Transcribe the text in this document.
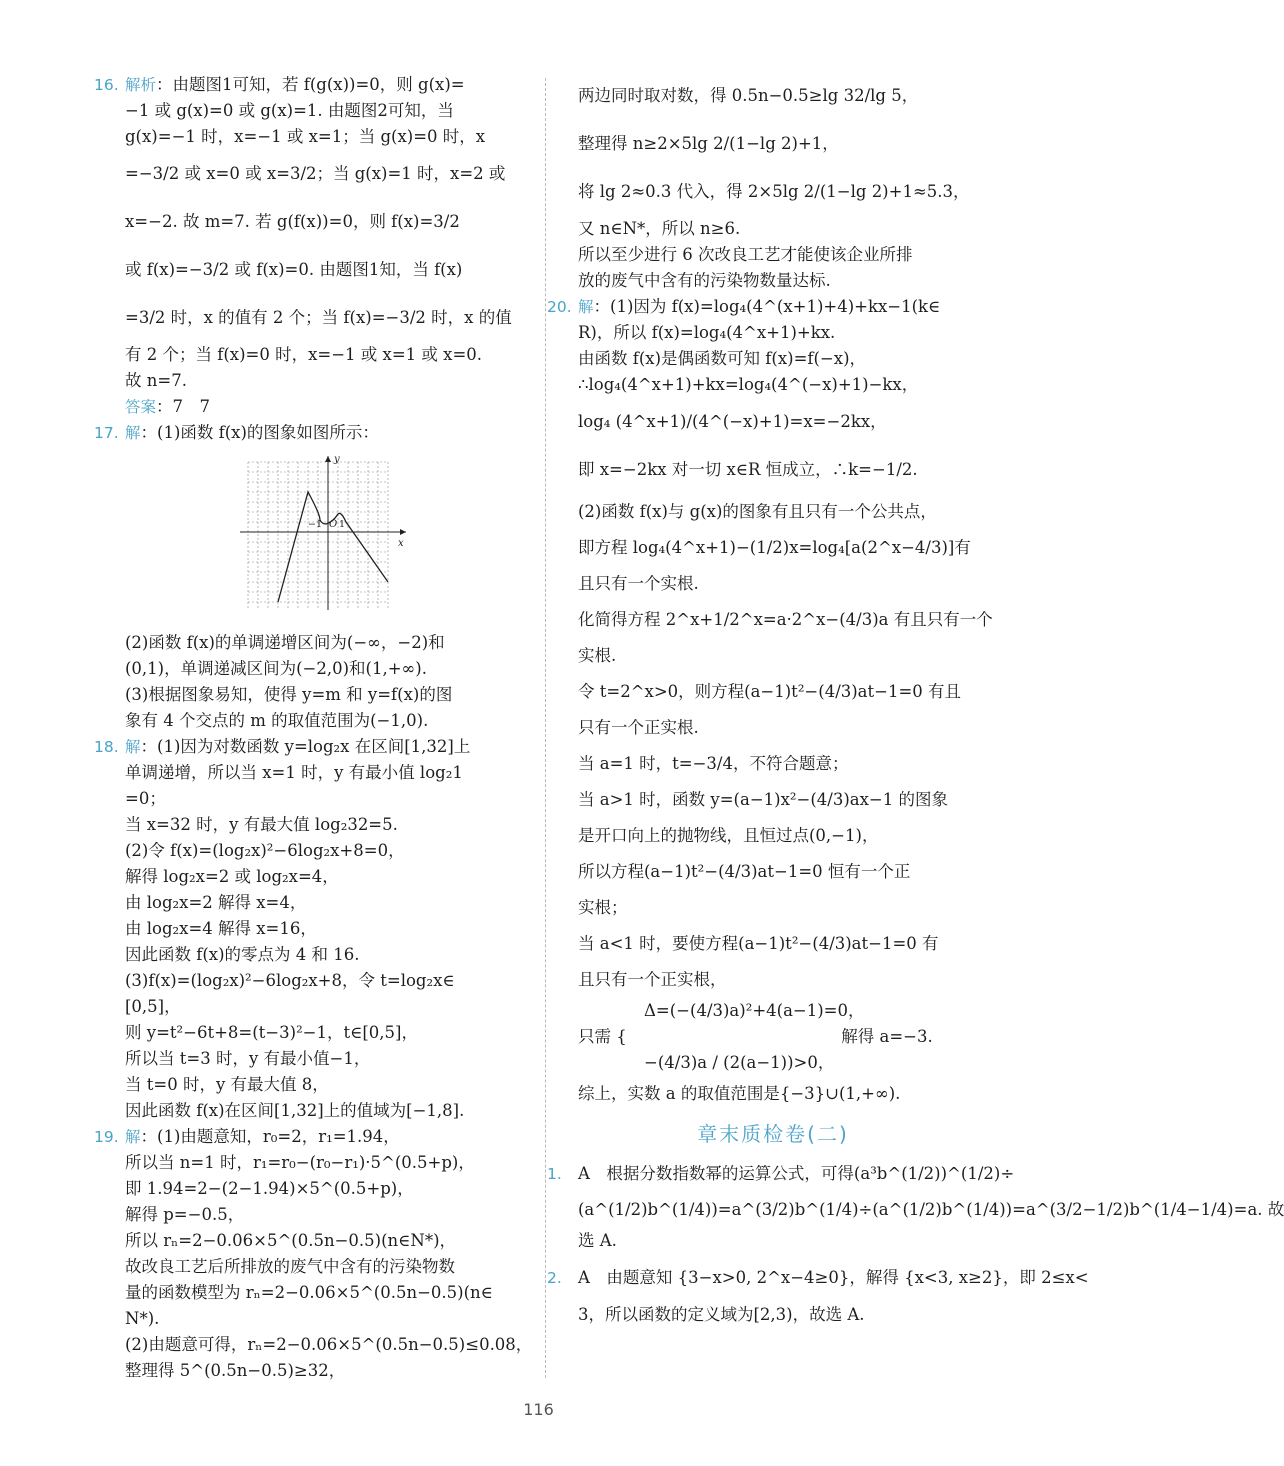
16. 解析：由题图1可知，若 f(g(x))=0，则 g(x)=
−1 或 g(x)=0 或 g(x)=1. 由题图2可知，当
g(x)=−1 时，x=−1 或 x=1；当 g(x)=0 时，x
=−3/2 或 x=0 或 x=3/2；当 g(x)=1 时，x=2 或
x=−2. 故 m=7. 若 g(f(x))=0，则 f(x)=3/2
或 f(x)=−3/2 或 f(x)=0. 由题图1知，当 f(x)
=3/2 时，x 的值有 2 个；当 f(x)=−3/2 时，x 的值
有 2 个；当 f(x)=0 时，x=−1 或 x=1 或 x=0.
故 n=7.
答案：7　7
17. 解：(1)函数 f(x)的图象如图所示：
y
x
−1 O 1
(2)函数 f(x)的单调递增区间为(−∞，−2)和
(0,1)，单调递减区间为(−2,0)和(1,+∞).
(3)根据图象易知，使得 y=m 和 y=f(x)的图
象有 4 个交点的 m 的取值范围为(−1,0).
18. 解：(1)因为对数函数 y=log₂x 在区间[1,32]上
单调递增，所以当 x=1 时，y 有最小值 log₂1
=0；
当 x=32 时，y 有最大值 log₂32=5.
(2)令 f(x)=(log₂x)²−6log₂x+8=0，
解得 log₂x=2 或 log₂x=4，
由 log₂x=2 解得 x=4，
由 log₂x=4 解得 x=16，
因此函数 f(x)的零点为 4 和 16.
(3)f(x)=(log₂x)²−6log₂x+8，令 t=log₂x∈
[0,5]，
则 y=t²−6t+8=(t−3)²−1，t∈[0,5]，
所以当 t=3 时，y 有最小值−1，
当 t=0 时，y 有最大值 8，
因此函数 f(x)在区间[1,32]上的值域为[−1,8].
19. 解：(1)由题意知，r₀=2，r₁=1.94，
所以当 n=1 时，r₁=r₀−(r₀−r₁)·5^(0.5+p)，
即 1.94=2−(2−1.94)×5^(0.5+p)，
解得 p=−0.5，
所以 rₙ=2−0.06×5^(0.5n−0.5)(n∈N*)，
故改良工艺后所排放的废气中含有的污染物数
量的函数模型为 rₙ=2−0.06×5^(0.5n−0.5)(n∈
N*).
(2)由题意可得，rₙ=2−0.06×5^(0.5n−0.5)≤0.08，
整理得 5^(0.5n−0.5)≥32，
两边同时取对数，得 0.5n−0.5≥lg 32/lg 5，
整理得 n≥2×5lg 2/(1−lg 2)+1，
将 lg 2≈0.3 代入，得 2×5lg 2/(1−lg 2)+1≈5.3，
又 n∈N*，所以 n≥6.
所以至少进行 6 次改良工艺才能使该企业所排
放的废气中含有的污染物数量达标.
20. 解：(1)因为 f(x)=log₄(4^(x+1)+4)+kx−1(k∈
R)，所以 f(x)=log₄(4^x+1)+kx.
由函数 f(x)是偶函数可知 f(x)=f(−x)，
∴log₄(4^x+1)+kx=log₄(4^(−x)+1)−kx，
log₄ (4^x+1)/(4^(−x)+1)=x=−2kx，
即 x=−2kx 对一切 x∈R 恒成立，∴k=−1/2.
(2)函数 f(x)与 g(x)的图象有且只有一个公共点，
即方程 log₄(4^x+1)−(1/2)x=log₄[a(2^x−4/3)]有
且只有一个实根.
化简得方程 2^x+1/2^x=a·2^x−(4/3)a 有且只有一个
实根.
令 t=2^x>0，则方程(a−1)t²−(4/3)at−1=0 有且
只有一个正实根.
当 a=1 时，t=−3/4，不符合题意；
当 a>1 时，函数 y=(a−1)x²−(4/3)ax−1 的图象
是开口向上的抛物线，且恒过点(0,−1)，
所以方程(a−1)t²−(4/3)at−1=0 恒有一个正
实根；
当 a<1 时，要使方程(a−1)t²−(4/3)at−1=0 有
且只有一个正实根，
　　　　Δ=(−(4/3)a)²+4(a−1)=0，
只需 {　　　　　　　　　　　　　解得 a=−3.
　　　　−(4/3)a / (2(a−1))>0，
综上，实数 a 的取值范围是{−3}∪(1,+∞).
章末质检卷(二)
1. A　根据分数指数幂的运算公式，可得(a³b^(1/2))^(1/2)÷
(a^(1/2)b^(1/4))=a^(3/2)b^(1/4)÷(a^(1/2)b^(1/4))=a^(3/2−1/2)b^(1/4−1/4)=a. 故
选 A.
2. A　由题意知 {3−x>0, 2^x−4≥0}，解得 {x<3, x≥2}，即 2≤x<
3，所以函数的定义域为[2,3)，故选 A.
116
